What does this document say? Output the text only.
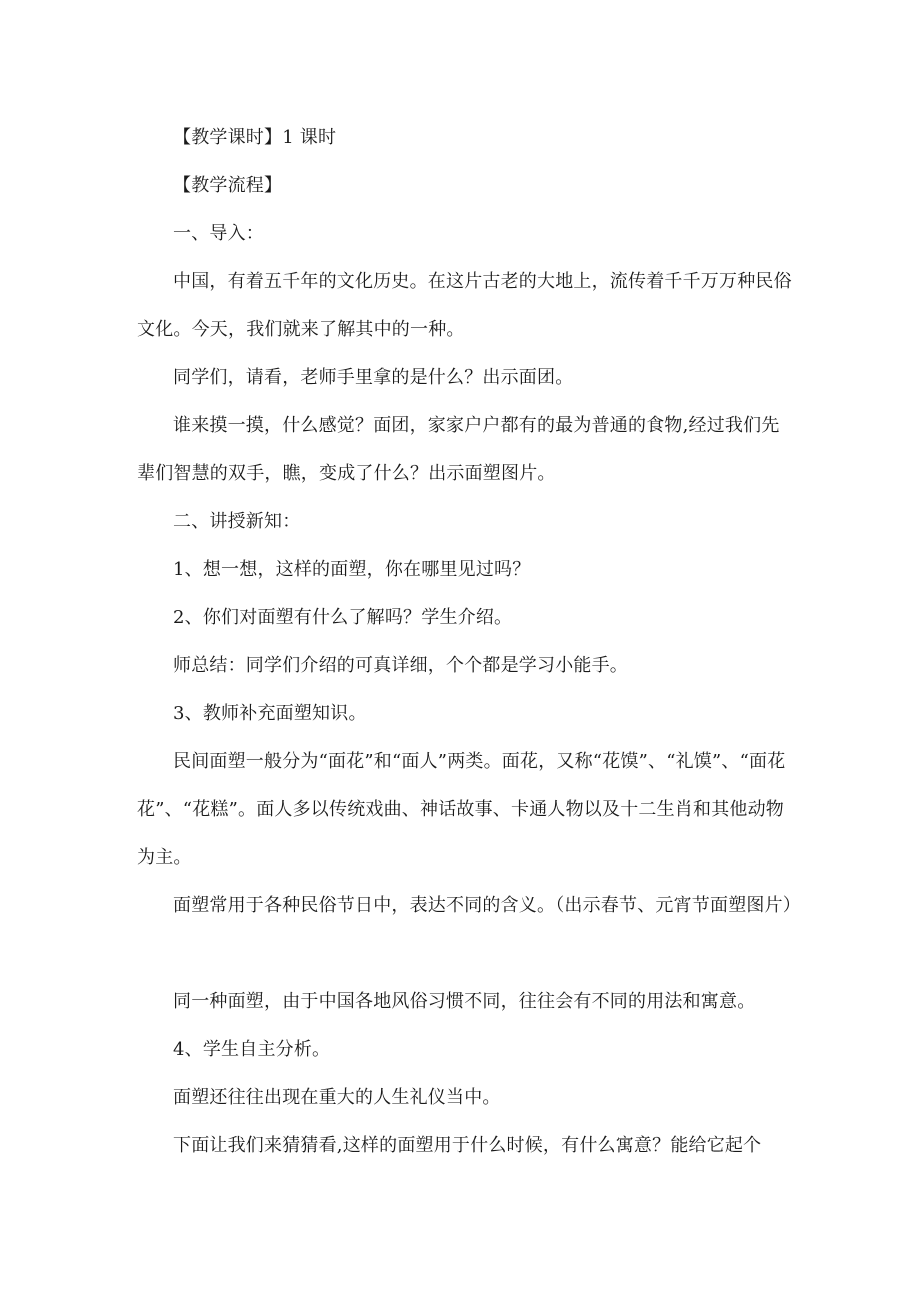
【教学课时】1 课时

【教学流程】

一、导入：

中国，有着五千年的文化历史。在这片古老的大地上，流传着千千万万种民俗文化。今天，我们就来了解其中的一种。

同学们，请看，老师手里拿的是什么？出示面团。

谁来摸一摸，什么感觉？面团，家家户户都有的最为普通的食物,经过我们先辈们智慧的双手，瞧，变成了什么？出示面塑图片。

二、讲授新知：

1、想一想，这样的面塑，你在哪里见过吗？

2、你们对面塑有什么了解吗？学生介绍。

师总结：同学们介绍的可真详细，个个都是学习小能手。

3、教师补充面塑知识。

民间面塑一般分为“面花”和“面人”两类。面花，又称“花馍”、“礼馍”、“面花花”、“花糕”。面人多以传统戏曲、神话故事、卡通人物以及十二生肖和其他动物为主。

面塑常用于各种民俗节日中，表达不同的含义。（出示春节、元宵节面塑图片）

同一种面塑，由于中国各地风俗习惯不同，往往会有不同的用法和寓意。

4、学生自主分析。

面塑还往往出现在重大的人生礼仪当中。

下面让我们来猜猜看,这样的面塑用于什么时候，有什么寓意？能给它起个
